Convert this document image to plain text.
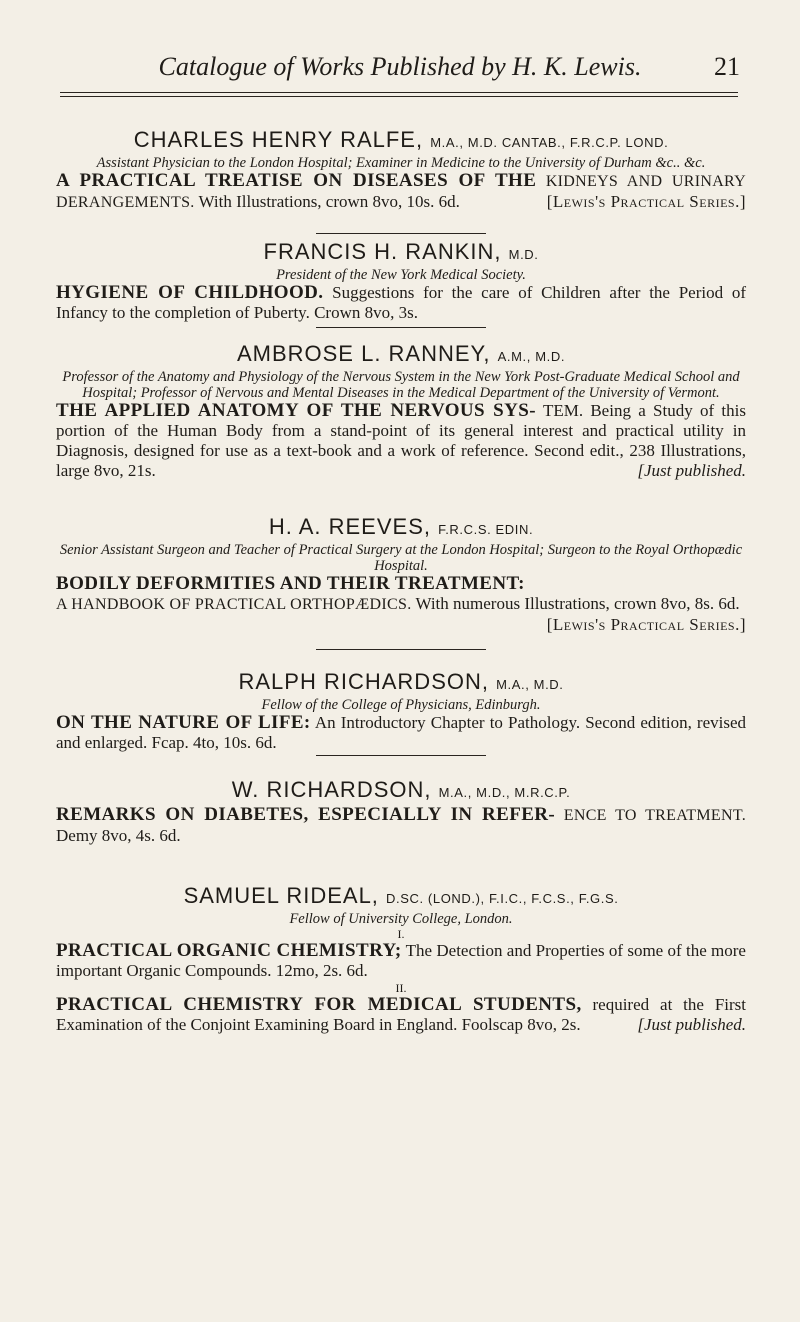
Catalogue of Works Published by H. K. Lewis.	21
CHARLES HENRY RALFE, M.A., M.D. CANTAB., F.R.C.P. LOND.
Assistant Physician to the London Hospital; Examiner in Medicine to the University of Durham &c.. &c.
A PRACTICAL TREATISE ON DISEASES OF THE KIDNEYS AND URINARY DERANGEMENTS. With Illustrations, crown 8vo, 10s. 6d.	[Lewis's Practical Series.]
FRANCIS H. RANKIN, M.D.
President of the New York Medical Society.
HYGIENE OF CHILDHOOD. Suggestions for the care of Children after the Period of Infancy to the completion of Puberty. Crown 8vo, 3s.
AMBROSE L. RANNEY, A.M., M.D.
Professor of the Anatomy and Physiology of the Nervous System in the New York Post-Graduate Medical School and Hospital; Professor of Nervous and Mental Diseases in the Medical Department of the University of Vermont.
THE APPLIED ANATOMY OF THE NERVOUS SYS- TEM. Being a Study of this portion of the Human Body from a stand-point of its general interest and practical utility in Diagnosis, designed for use as a text-book and a work of reference. Second edit., 238 Illustrations, large 8vo, 21s.	[Just published.
H. A. REEVES, F.R.C.S. EDIN.
Senior Assistant Surgeon and Teacher of Practical Surgery at the London Hospital; Surgeon to the Royal Orthopædic Hospital.
BODILY DEFORMITIES AND THEIR TREATMENT:
A HANDBOOK OF PRACTICAL ORTHOPÆDICS. With numerous Illustrations, crown 8vo, 8s. 6d.
[Lewis's Practical Series.]
RALPH RICHARDSON, M.A., M.D.
Fellow of the College of Physicians, Edinburgh.
ON THE NATURE OF LIFE: An Introductory Chapter to Pathology. Second edition, revised and enlarged. Fcap. 4to, 10s. 6d.
W. RICHARDSON, M.A., M.D., M.R.C.P.
REMARKS ON DIABETES, ESPECIALLY IN REFER- ENCE TO TREATMENT. Demy 8vo, 4s. 6d.
SAMUEL RIDEAL, D.SC. (LOND.), F.I.C., F.C.S., F.G.S.
Fellow of University College, London.
I.
PRACTICAL ORGANIC CHEMISTRY; The Detection and Properties of some of the more important Organic Compounds. 12mo, 2s. 6d.
II.
PRACTICAL CHEMISTRY FOR MEDICAL STUDENTS, required at the First Examination of the Conjoint Examining Board in England. Foolscap 8vo, 2s.	[Just published.
